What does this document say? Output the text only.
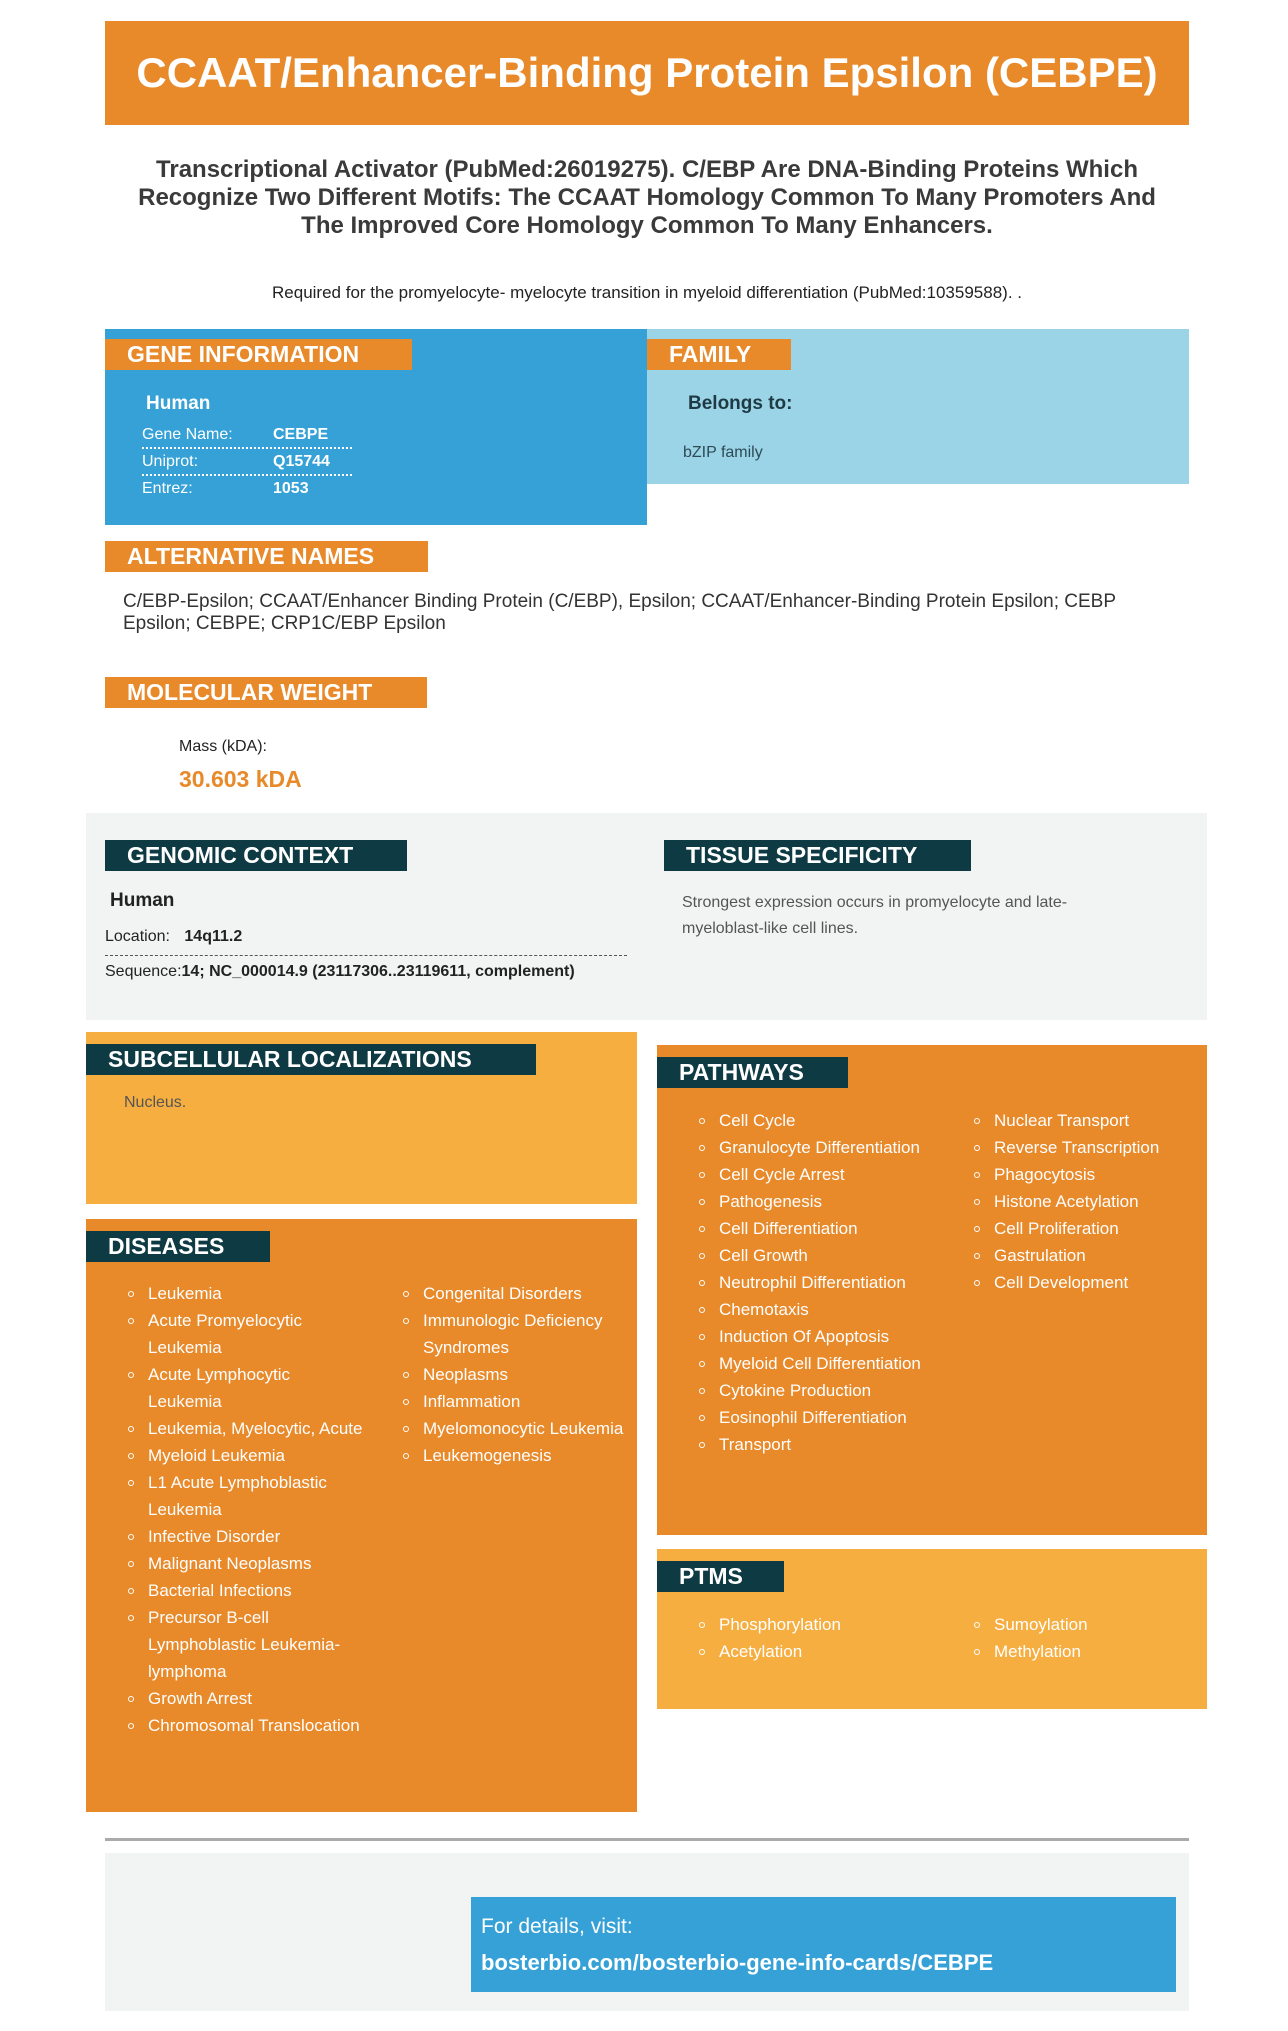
CCAAT/Enhancer-Binding Protein Epsilon (CEBPE)
Transcriptional Activator (PubMed:26019275). C/EBP Are DNA-Binding Proteins Which Recognize Two Different Motifs: The CCAAT Homology Common To Many Promoters And The Improved Core Homology Common To Many Enhancers.
Required for the promyelocyte- myelocyte transition in myeloid differentiation (PubMed:10359588). .
GENE INFORMATION
Human
Gene Name:	CEBPE
Uniprot:	Q15744
Entrez:	1053
FAMILY
Belongs to:
bZIP family
ALTERNATIVE NAMES
C/EBP-Epsilon; CCAAT/Enhancer Binding Protein (C/EBP), Epsilon; CCAAT/Enhancer-Binding Protein Epsilon; CEBP Epsilon; CEBPE; CRP1C/EBP Epsilon
MOLECULAR WEIGHT
Mass (kDA):
30.603 kDA
GENOMIC CONTEXT
Human
Location: 14q11.2
Sequence:14; NC_000014.9 (23117306..23119611, complement)
TISSUE SPECIFICITY
Strongest expression occurs in promyelocyte and late-myeloblast-like cell lines.
SUBCELLULAR LOCALIZATIONS
Nucleus.
DISEASES
Leukemia
Acute Promyelocytic Leukemia
Acute Lymphocytic Leukemia
Leukemia, Myelocytic, Acute
Myeloid Leukemia
L1 Acute Lymphoblastic Leukemia
Infective Disorder
Malignant Neoplasms
Bacterial Infections
Precursor B-cell Lymphoblastic Leukemia-lymphoma
Growth Arrest
Chromosomal Translocation
Congenital Disorders
Immunologic Deficiency Syndromes
Neoplasms
Inflammation
Myelomonocytic Leukemia
Leukemogenesis
PATHWAYS
Cell Cycle
Granulocyte Differentiation
Cell Cycle Arrest
Pathogenesis
Cell Differentiation
Cell Growth
Neutrophil Differentiation
Chemotaxis
Induction Of Apoptosis
Myeloid Cell Differentiation
Cytokine Production
Eosinophil Differentiation
Transport
Nuclear Transport
Reverse Transcription
Phagocytosis
Histone Acetylation
Cell Proliferation
Gastrulation
Cell Development
PTMS
Phosphorylation
Acetylation
Sumoylation
Methylation
For details, visit:
bosterbio.com/bosterbio-gene-info-cards/CEBPE
